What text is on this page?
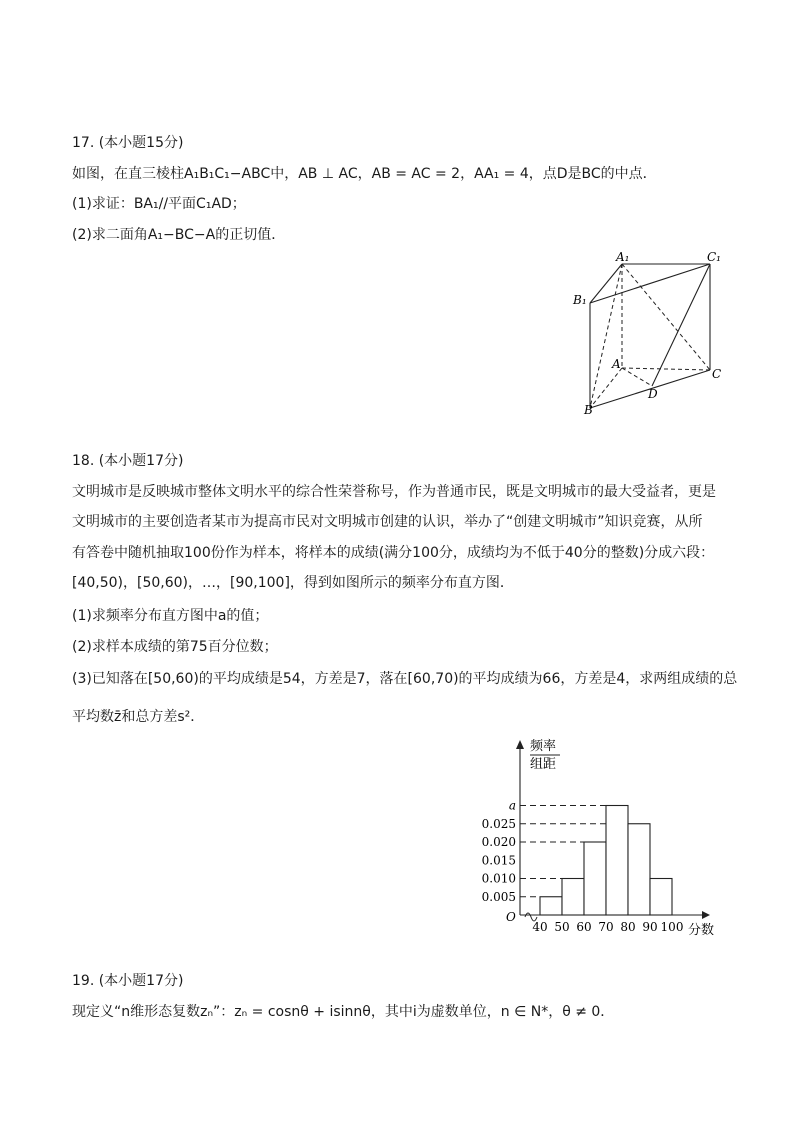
17. (本小题15分)
如图，在直三棱柱A₁B₁C₁−ABC中，AB ⊥ AC，AB = AC = 2，AA₁ = 4，点D是BC的中点．
(1)求证：BA₁//平面C₁AD；
(2)求二面角A₁−BC−A的正切值．
A₁	C₁
B₁
A
C
D
B
18. (本小题17分)
文明城市是反映城市整体文明水平的综合性荣誉称号，作为普通市民，既是文明城市的最大受益者，更是
文明城市的主要创造者某市为提高市民对文明城市创建的认识，举办了“创建文明城市”知识竞赛，从所
有答卷中随机抽取100份作为样本，将样本的成绩(满分100分，成绩均为不低于40分的整数)分成六段：
[40,50)，[50,60)，…，[90,100]，得到如图所示的频率分布直方图．
(1)求频率分布直方图中a的值；
(2)求样本成绩的第75百分位数；
(3)已知落在[50,60)的平均成绩是54，方差是7，落在[60,70)的平均成绩为66，方差是4，求两组成绩的总
平均数z̄和总方差s²．
0.005
0.010
0.015
0.020
0.025
a
40 50 60 70 80 90 100
O
分数
频率
组距
19. (本小题17分)
现定义“n维形态复数zₙ”：zₙ = cosnθ + isinnθ，其中i为虚数单位，n ∈ N*，θ ≠ 0．
